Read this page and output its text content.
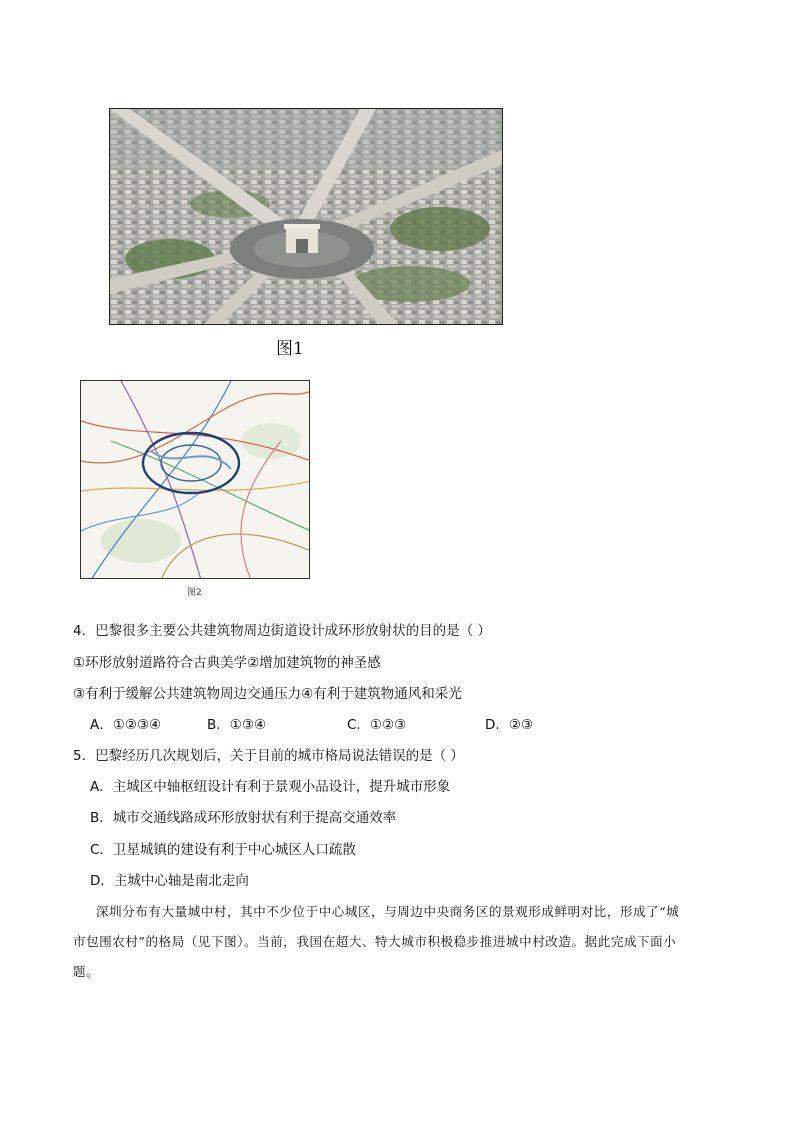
图1
图2
4．巴黎很多主要公共建筑物周边街道设计成环形放射状的目的是（ ）
①环形放射道路符合古典美学②增加建筑物的神圣感
③有利于缓解公共建筑物周边交通压力④有利于建筑物通风和采光
A．①②③④	B．①③④	C．①②③	D．②③
5．巴黎经历几次规划后，关于目前的城市格局说法错误的是（ ）
A．主城区中轴枢纽设计有利于景观小品设计，提升城市形象
B．城市交通线路成环形放射状有利于提高交通效率
C．卫星城镇的建设有利于中心城区人口疏散
D．主城中心轴是南北走向
深圳分布有大量城中村，其中不少位于中心城区，与周边中央商务区的景观形成鲜明对比，形成了“城
市包围农村”的格局（见下图）。当前，我国在超大、特大城市积极稳步推进城中村改造。据此完成下面小
题。
